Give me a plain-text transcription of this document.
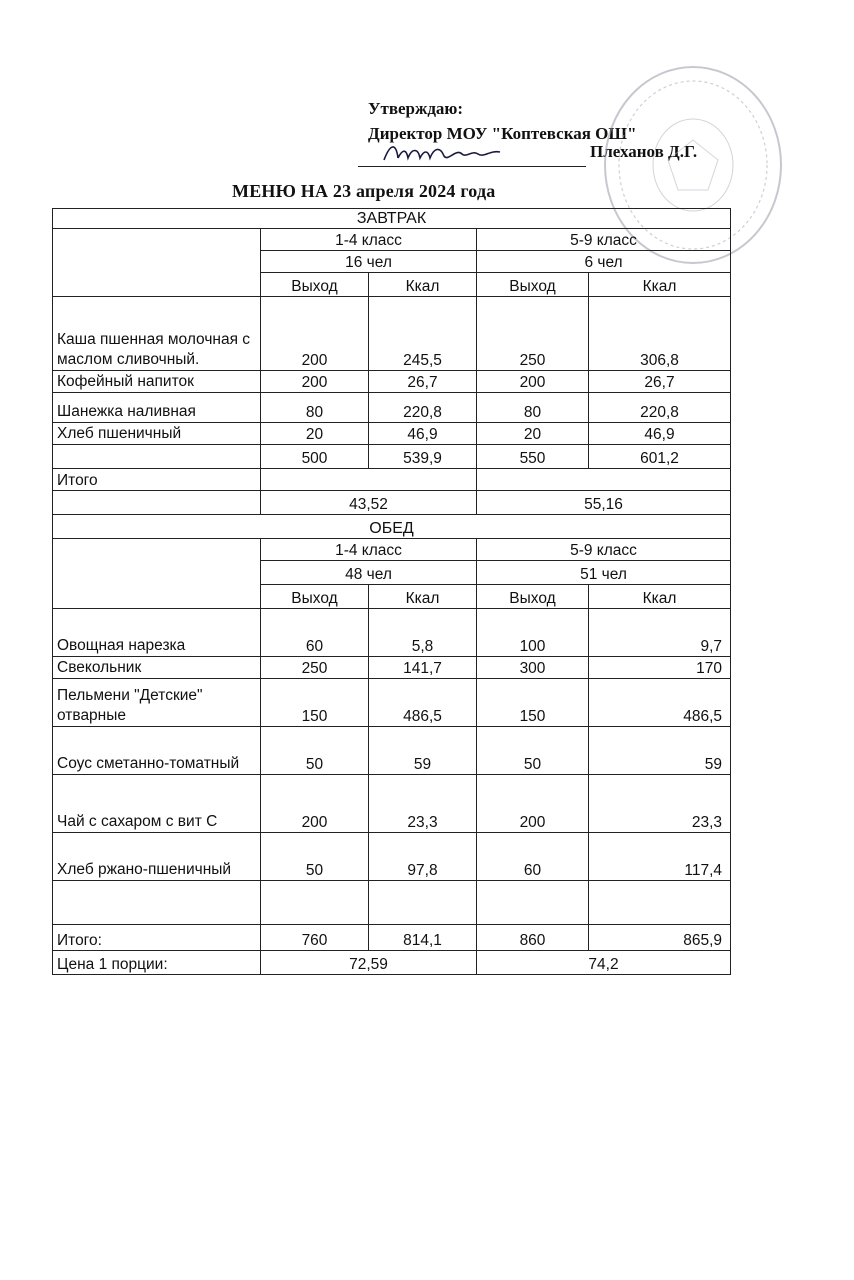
Утверждаю:
Директор МОУ "Коптевская ОШ"
Плеханов Д.Г.
МЕНЮ НА 23 апреля 2024 года
ЗАВТРАК				
	1-4 класс		5-9 класс	
	16 чел		6 чел	
	Выход	Ккал	Выход	Ккал
Каша пшенная молочная с маслом сливочный.	200	245,5	250	306,8
Кофейный напиток	200	26,7	200	26,7
Шанежка наливная	80	220,8	80	220,8
Хлеб пшеничный	20	46,9	20	46,9
	500	539,9	550	601,2
Итого				
	43,52		55,16	
ОБЕД				
	1-4 класс		5-9 класс	
	48 чел		51 чел	
	Выход	Ккал	Выход	Ккал
Овощная нарезка	60	5,8	100	9,7
Свекольник	250	141,7	300	170
Пельмени "Детские" отварные	150	486,5	150	486,5
Соус сметанно-томатный	50	59	50	59
Чай с сахаром с вит С	200	23,3	200	23,3
Хлеб ржано-пшеничный	50	97,8	60	117,4

Итого:	760	814,1	860	865,9
Цена 1 порции:	72,59		74,2	
